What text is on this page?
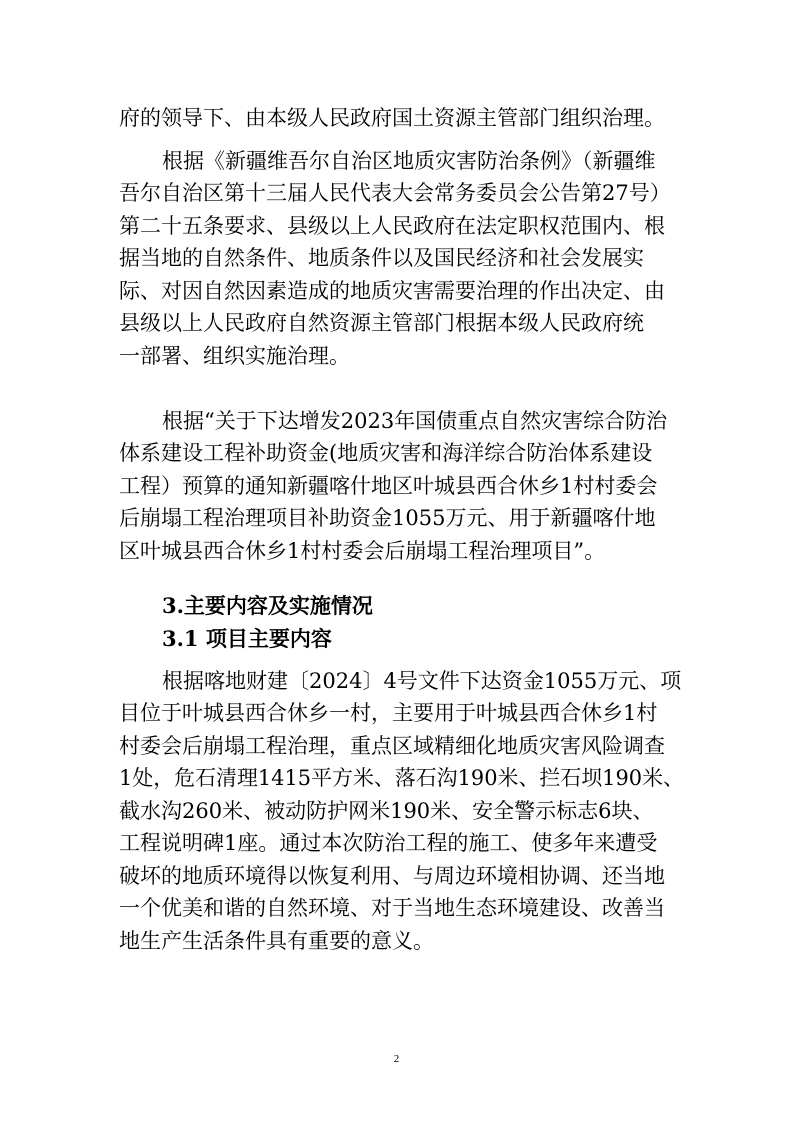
府的领导下、由本级人民政府国土资源主管部门组织治理。
根据《新疆维吾尔自治区地质灾害防治条例》（新疆维
吾尔自治区第十三届人民代表大会常务委员会公告第27号）
第二十五条要求、县级以上人民政府在法定职权范围内、根
据当地的自然条件、地质条件以及国民经济和社会发展实
际、对因自然因素造成的地质灾害需要治理的作出决定、由
县级以上人民政府自然资源主管部门根据本级人民政府统
一部署、组织实施治理。
根据“关于下达增发2023年国债重点自然灾害综合防治
体系建设工程补助资金(地质灾害和海洋综合防治体系建设
工程）预算的通知新疆喀什地区叶城县西合休乡1村村委会
后崩塌工程治理项目补助资金1055万元、用于新疆喀什地
区叶城县西合休乡1村村委会后崩塌工程治理项目”。
3.主要内容及实施情况
3.1 项目主要内容
根据喀地财建〔2024〕4号文件下达资金1055万元、项
目位于叶城县西合休乡一村，主要用于叶城县西合休乡1村
村委会后崩塌工程治理，重点区域精细化地质灾害风险调查
1处，危石清理1415平方米、落石沟190米、拦石坝190米、
截水沟260米、被动防护网米190米、安全警示标志6块、
工程说明碑1座。通过本次防治工程的施工、使多年来遭受
破坏的地质环境得以恢复利用、与周边环境相协调、还当地
一个优美和谐的自然环境、对于当地生态环境建设、改善当
地生产生活条件具有重要的意义。
2
